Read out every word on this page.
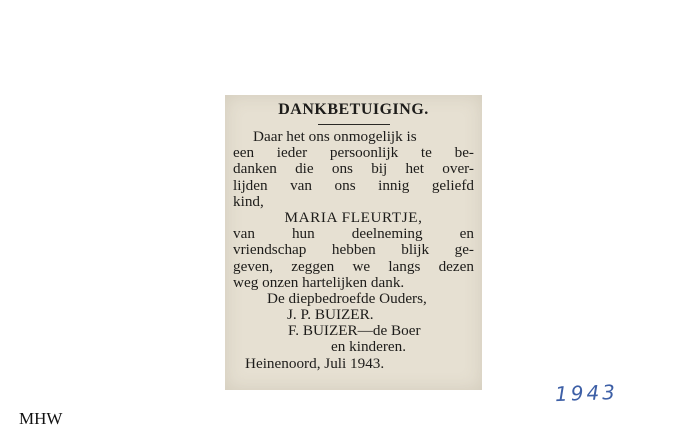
DANKBETUIGING.
Daar het ons onmogelijk is
een ieder persoonlijk te be-
danken die ons bij het over-
lijden van ons innig geliefd
kind,
MARIA FLEURTJE,
van hun deelneming en
vriendschap hebben blijk ge-
geven, zeggen we langs dezen
weg onzen hartelijken dank.
De diepbedroefde Ouders,
J. P. BUIZER.
F. BUIZER—de Boer
en kinderen.
Heinenoord, Juli 1943.
1943
MHW
